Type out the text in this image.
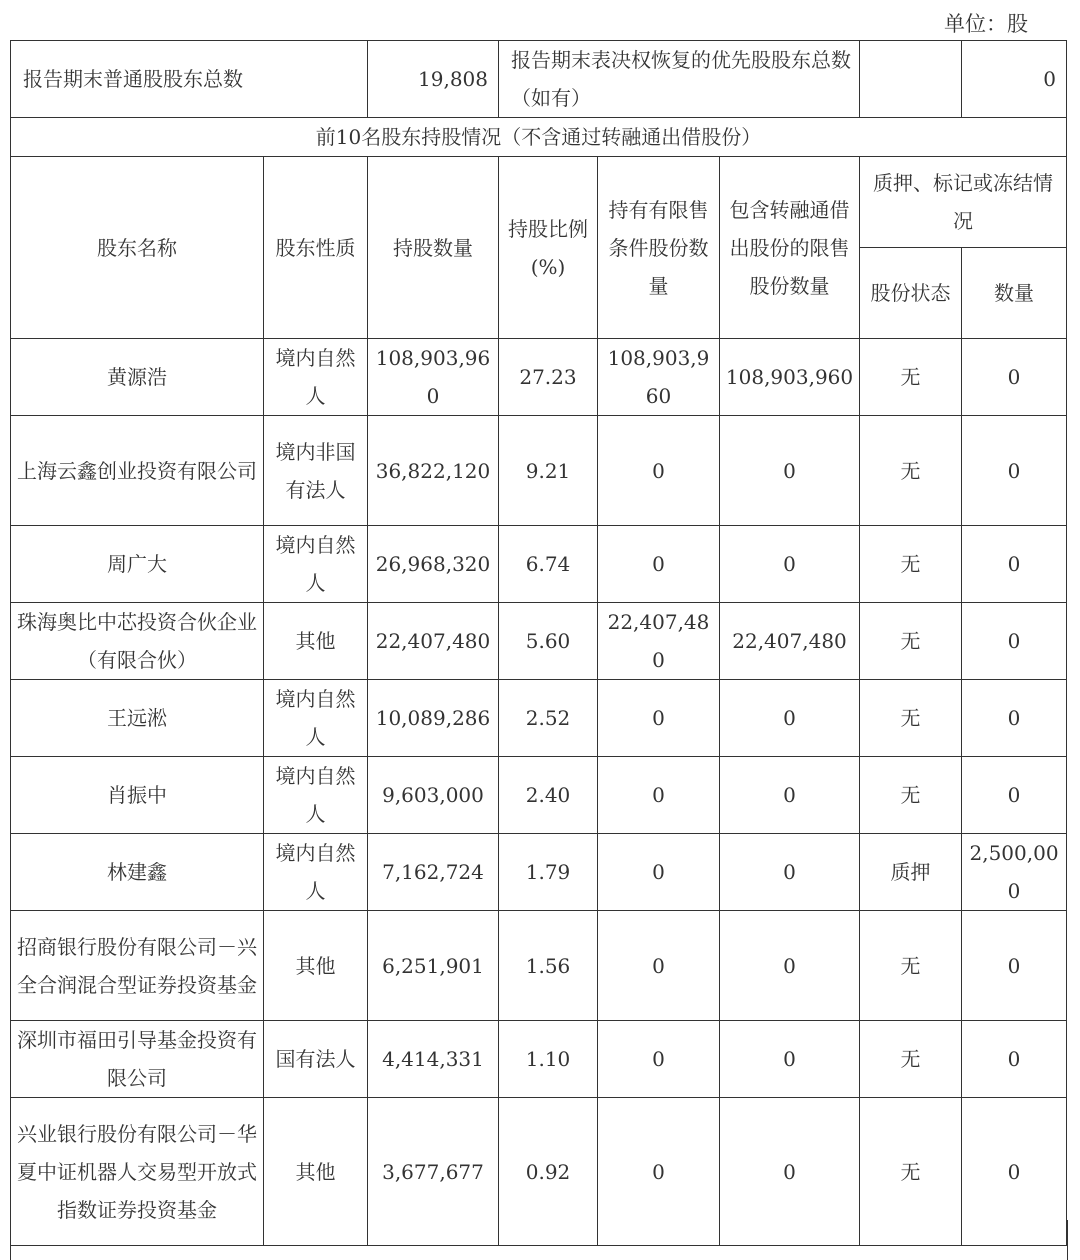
单位：股
报告期末普通股股东总数		19,808	报告期末表决权恢复的优先股股东总数（如有）				0
前10名股东持股情况（不含通过转融通出借股份）							
股东名称	股东性质	持股数量	持股比例(%)	持有有限售条件股份数量	包含转融通借出股份的限售股份数量	质押、标记或冻结情况	
						股份状态	数量
黄源浩	境内自然人	108,903,960	27.23	108,903,960	108,903,960	无	0
上海云鑫创业投资有限公司	境内非国有法人	36,822,120	9.21	0	0	无	0
周广大	境内自然人	26,968,320	6.74	0	0	无	0
珠海奥比中芯投资合伙企业（有限合伙）	其他	22,407,480	5.60	22,407,480	22,407,480	无	0
王远淞	境内自然人	10,089,286	2.52	0	0	无	0
肖振中	境内自然人	9,603,000	2.40	0	0	无	0
林建鑫	境内自然人	7,162,724	1.79	0	0	质押	2,500,000
招商银行股份有限公司－兴全合润混合型证券投资基金	其他	6,251,901	1.56	0	0	无	0
深圳市福田引导基金投资有限公司	国有法人	4,414,331	1.10	0	0	无	0
兴业银行股份有限公司－华夏中证机器人交易型开放式指数证券投资基金	其他	3,677,677	0.92	0	0	无	0
